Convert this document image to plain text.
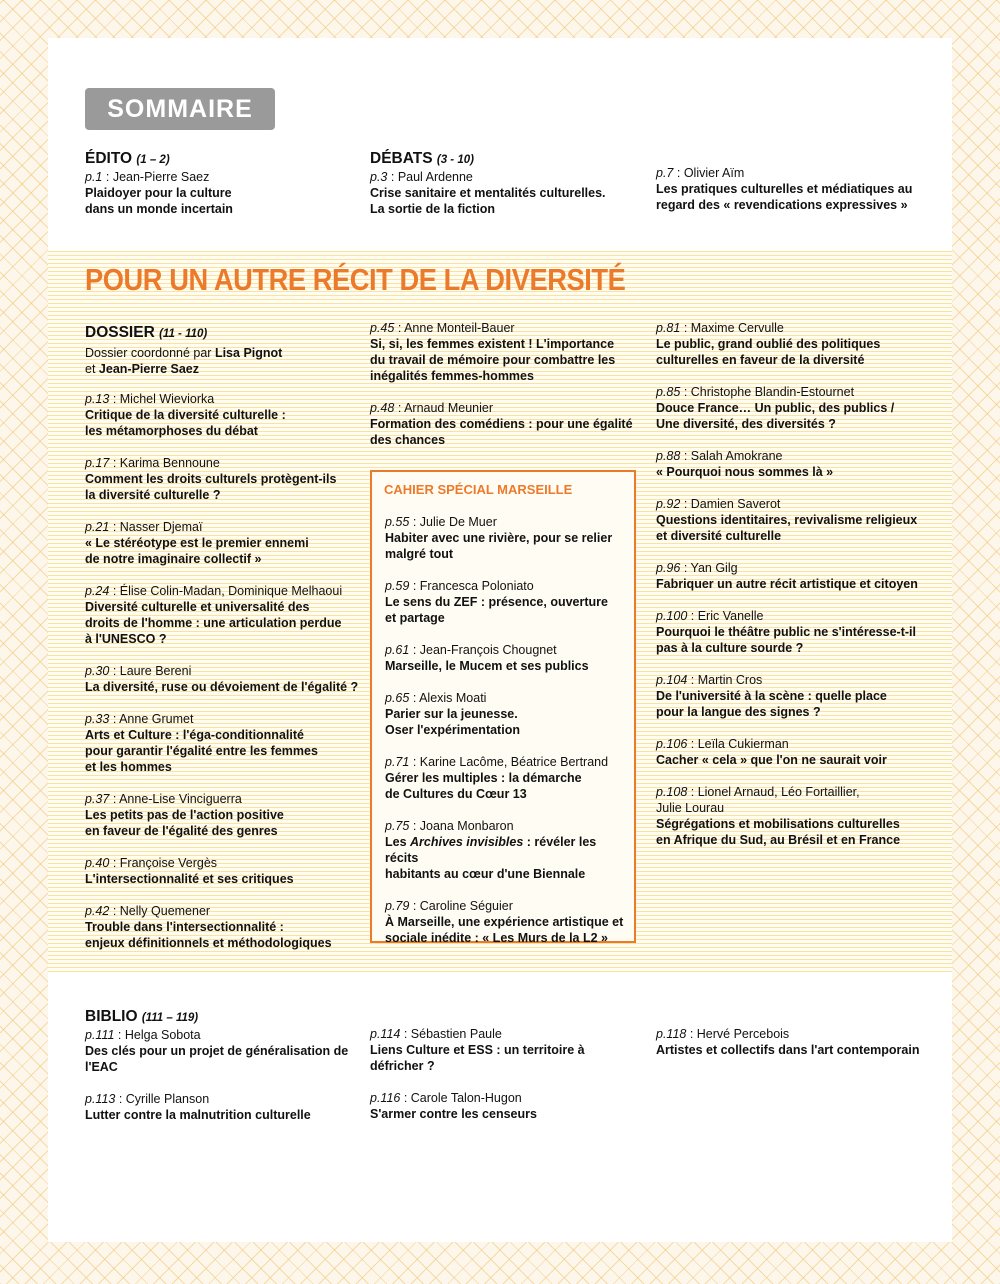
SOMMAIRE
ÉDITO (1 – 2)
p.1 : Jean-Pierre Saez
Plaidoyer pour la culture
dans un monde incertain
DÉBATS (3 - 10)
p.3 : Paul Ardenne
Crise sanitaire et mentalités culturelles.
La sortie de la fiction
p.7 : Olivier Aïm
Les pratiques culturelles et médiatiques au
regard des « revendications expressives »
POUR UN AUTRE RÉCIT DE LA DIVERSITÉ
DOSSIER (11 - 110)
Dossier coordonné par Lisa Pignot
et Jean-Pierre Saez
p.13 : Michel Wieviorka
Critique de la diversité culturelle :
les métamorphoses du débat
p.17 : Karima Bennoune
Comment les droits culturels protègent-ils
la diversité culturelle ?
p.21 : Nasser Djemaï
« Le stéréotype est le premier ennemi
de notre imaginaire collectif »
p.24 : Élise Colin-Madan, Dominique Melhaoui
Diversité culturelle et universalité des
droits de l'homme : une articulation perdue
à l'UNESCO ?
p.30 : Laure Bereni
La diversité, ruse ou dévoiement de l'égalité ?
p.33 : Anne Grumet
Arts et Culture : l'éga-conditionnalité
pour garantir l'égalité entre les femmes
et les hommes
p.37 : Anne-Lise Vinciguerra
Les petits pas de l'action positive
en faveur de l'égalité des genres
p.40 : Françoise Vergès
L'intersectionnalité et ses critiques
p.42 : Nelly Quemener
Trouble dans l'intersectionnalité :
enjeux définitionnels et méthodologiques
p.45 : Anne Monteil-Bauer
Si, si, les femmes existent ! L'importance
du travail de mémoire pour combattre les
inégalités femmes-hommes
p.48 : Arnaud Meunier
Formation des comédiens : pour une égalité
des chances
CAHIER SPÉCIAL MARSEILLE
p.55 : Julie De Muer
Habiter avec une rivière, pour se relier
malgré tout
p.59 : Francesca Poloniato
Le sens du ZEF : présence, ouverture
et partage
p.61 : Jean-François Chougnet
Marseille, le Mucem et ses publics
p.65 : Alexis Moati
Parier sur la jeunesse.
Oser l'expérimentation
p.71 : Karine Lacôme, Béatrice Bertrand
Gérer les multiples : la démarche
de Cultures du Cœur 13
p.75 : Joana Monbaron
Les Archives invisibles : révéler les récits
habitants au cœur d'une Biennale
p.79 : Caroline Séguier
À Marseille, une expérience artistique et
sociale inédite : « Les Murs de la L2 »
p.81 : Maxime Cervulle
Le public, grand oublié des politiques
culturelles en faveur de la diversité
p.85 : Christophe Blandin-Estournet
Douce France… Un public, des publics /
Une diversité, des diversités ?
p.88 : Salah Amokrane
« Pourquoi nous sommes là »
p.92 : Damien Saverot
Questions identitaires, revivalisme religieux
et diversité culturelle
p.96 : Yan Gilg
Fabriquer un autre récit artistique et citoyen
p.100 : Eric Vanelle
Pourquoi le théâtre public ne s'intéresse-t-il
pas à la culture sourde ?
p.104 : Martin Cros
De l'université à la scène : quelle place
pour la langue des signes ?
p.106 : Leïla Cukierman
Cacher « cela » que l'on ne saurait voir
p.108 : Lionel Arnaud, Léo Fortaillier,
Julie Lourau
Ségrégations et mobilisations culturelles
en Afrique du Sud, au Brésil et en France
BIBLIO (111 – 119)
p.111 : Helga Sobota
Des clés pour un projet de généralisation de
l'EAC
p.113 : Cyrille Planson
Lutter contre la malnutrition culturelle
p.114 : Sébastien Paule
Liens Culture et ESS : un territoire à
défricher ?
p.116 : Carole Talon-Hugon
S'armer contre les censeurs
p.118 : Hervé Percebois
Artistes et collectifs dans l'art contemporain
